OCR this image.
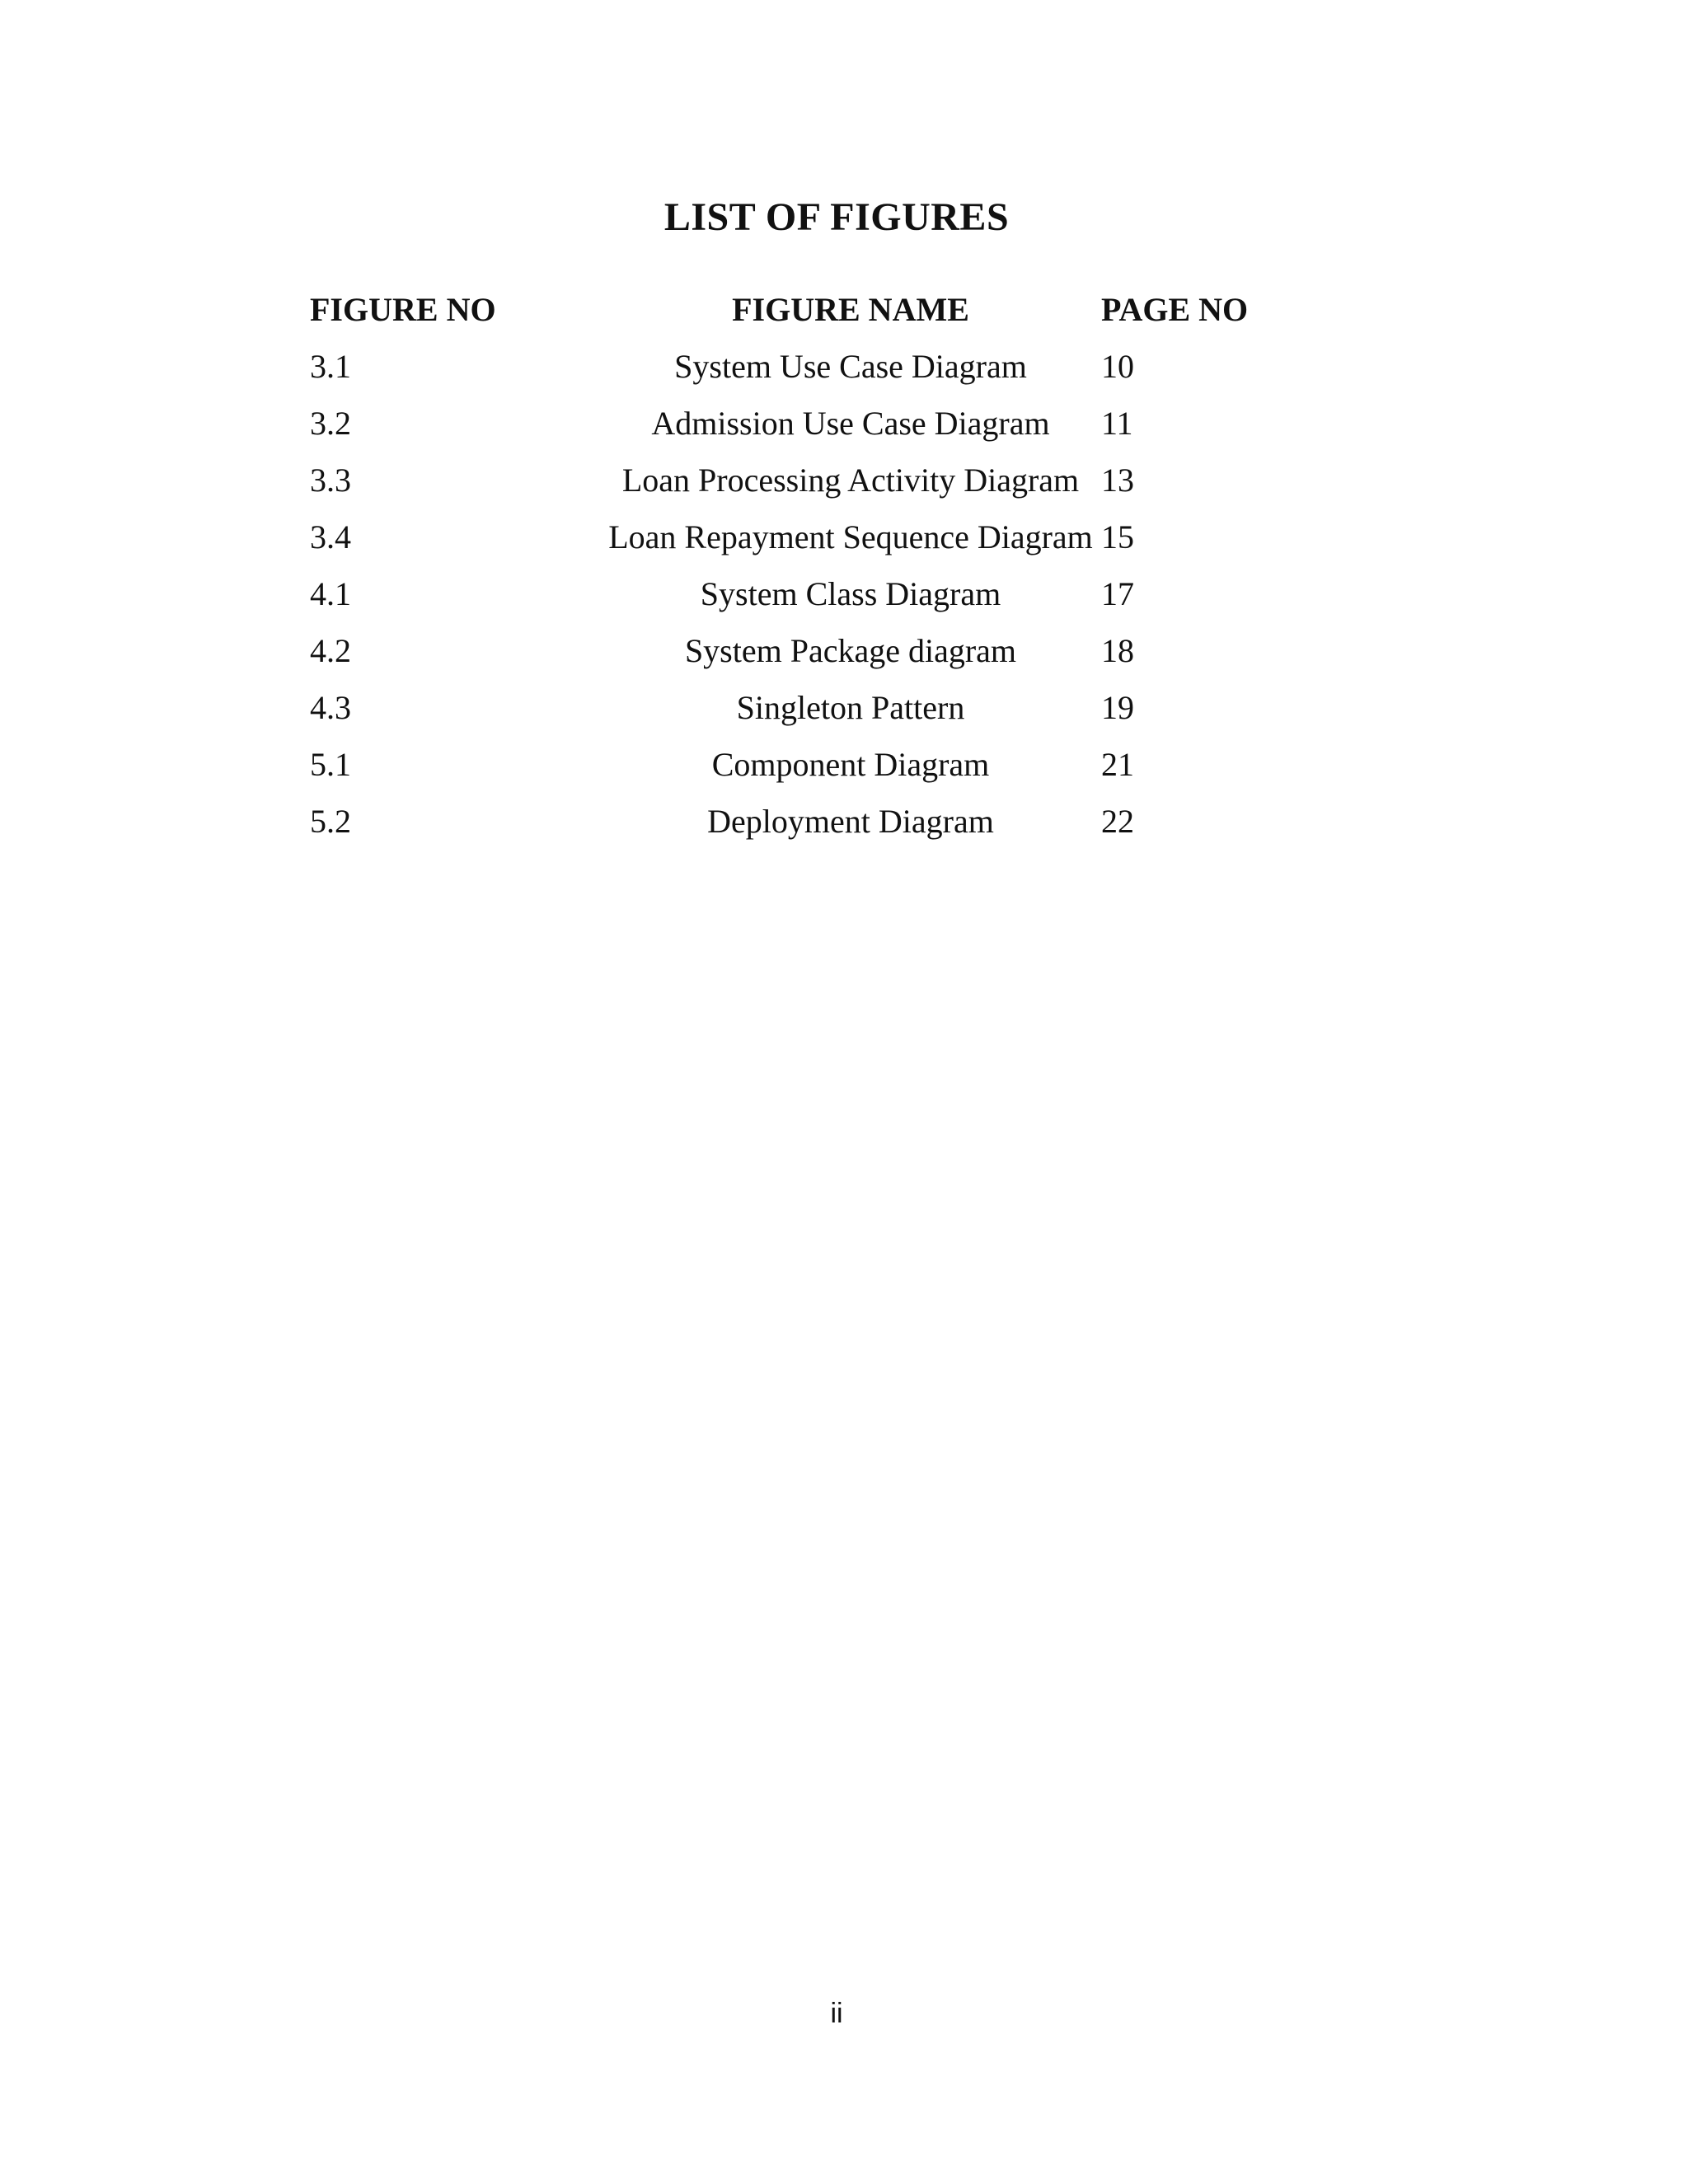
LIST OF FIGURES
FIGURE NO	FIGURE NAME	PAGE NO
3.1	System Use Case Diagram	10
3.2	Admission Use Case Diagram	11
3.3	Loan Processing Activity Diagram 13
3.4	Loan Repayment Sequence Diagram 15
4.1	System Class Diagram	17
4.2	System Package diagram	18
4.3	Singleton Pattern	19
5.1	Component Diagram	21
5.2	Deployment Diagram	22
ii
